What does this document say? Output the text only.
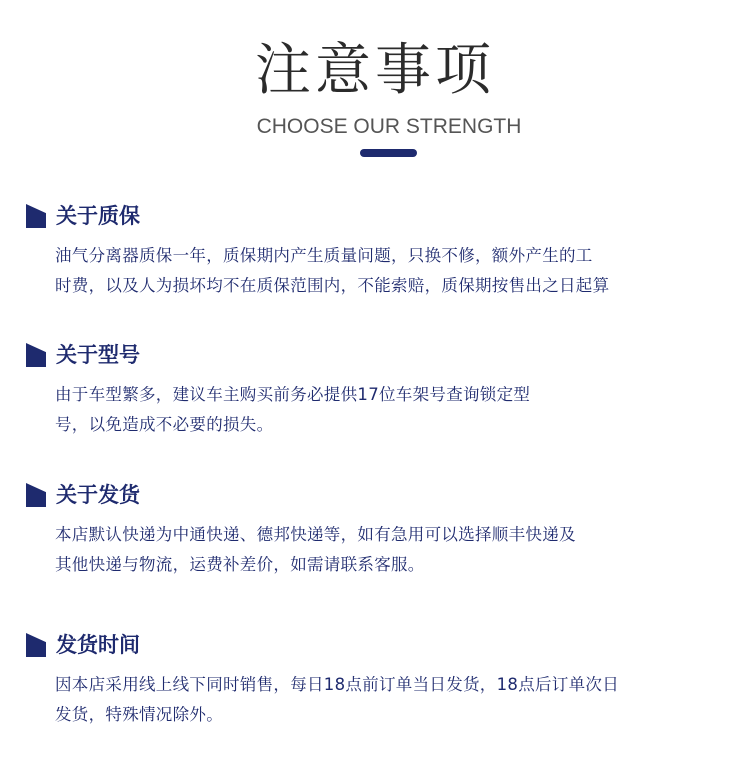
注意事项
CHOOSE OUR STRENGTH
关于质保
油气分离器质保一年，质保期内产生质量问题，只换不修，额外产生的工
时费，以及人为损坏均不在质保范围内，不能索赔，质保期按售出之日起算
关于型号
由于车型繁多，建议车主购买前务必提供17位车架号查询锁定型
号，以免造成不必要的损失。
关于发货
本店默认快递为中通快递、德邦快递等，如有急用可以选择顺丰快递及
其他快递与物流，运费补差价，如需请联系客服。
发货时间
因本店采用线上线下同时销售，每日18点前订单当日发货，18点后订单次日
发货，特殊情况除外。
